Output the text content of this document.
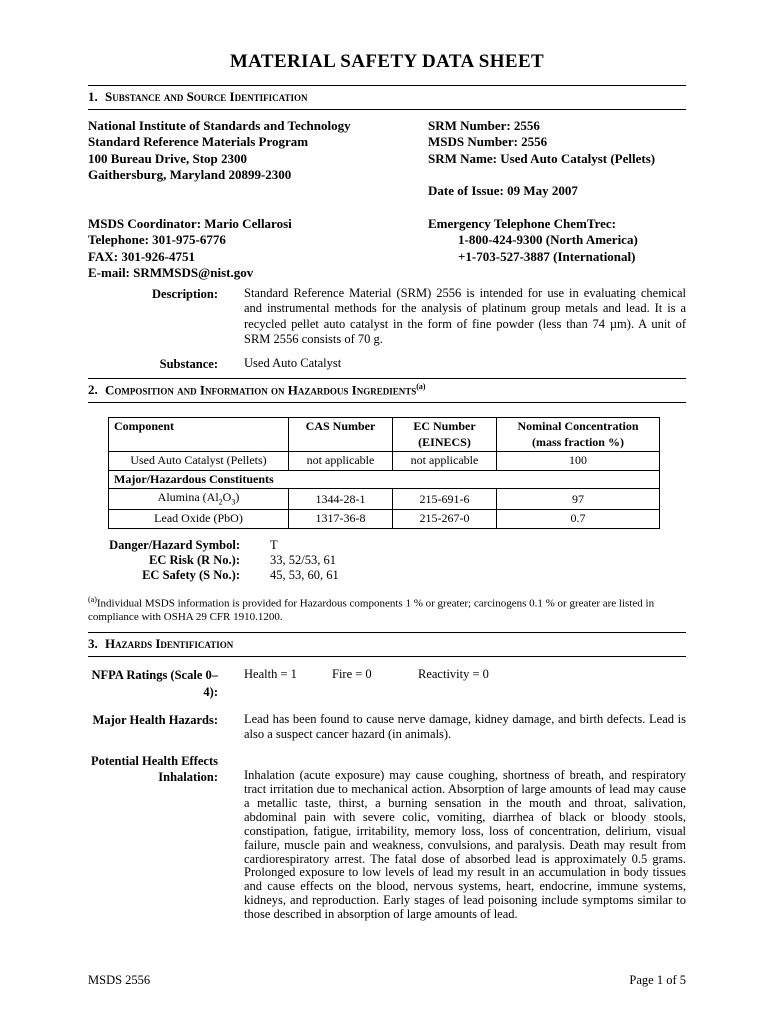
MATERIAL SAFETY DATA SHEET
1. Substance and Source Identification
National Institute of Standards and Technology
Standard Reference Materials Program
100 Bureau Drive, Stop 2300
Gaithersburg, Maryland 20899-2300
MSDS Coordinator: Mario Cellarosi
Telephone: 301-975-6776
FAX: 301-926-4751
E-mail: SRMMSDS@nist.gov
SRM Number: 2556
MSDS Number: 2556
SRM Name: Used Auto Catalyst (Pellets)
Date of Issue: 09 May 2007
Emergency Telephone ChemTrec:
1-800-424-9300 (North America)
+1-703-527-3887 (International)
Description:	Standard Reference Material (SRM) 2556 is intended for use in evaluating chemical and instrumental methods for the analysis of platinum group metals and lead. It is a recycled pellet auto catalyst in the form of fine powder (less than 74 µm). A unit of SRM 2556 consists of 70 g.
Substance:	Used Auto Catalyst
2. Composition and Information on Hazardous Ingredients$^{(a)}$
Component	CAS Number	EC Number (EINECS)	Nominal Concentration (mass fraction %)
Used Auto Catalyst (Pellets)	not applicable	not applicable	100
Major/Hazardous Constituents			
Alumina $(Al_2O_3)$	1344-28-1	215-691-6	97
Lead Oxide (PbO)	1317-36-8	215-267-0	0.7
Danger/Hazard Symbol:	T
EC Risk (R No.):	33, 52/53, 61
EC Safety (S No.):	45, 53, 60, 61
$^{(a)}$Individual MSDS information is provided for Hazardous components 1 % or greater; carcinogens 0.1 % or greater are listed in compliance with OSHA 29 CFR 1910.1200.
3. Hazards Identification
NFPA Ratings (Scale 0–4):
Health = 1	Fire = 0	Reactivity = 0
Major Health Hazards:	Lead has been found to cause nerve damage, kidney damage, and birth defects. Lead is also a suspect cancer hazard (in animals).
Potential Health Effects
Inhalation:	Inhalation (acute exposure) may cause coughing, shortness of breath, and respiratory tract irritation due to mechanical action. Absorption of large amounts of lead may cause a metallic taste, thirst, a burning sensation in the mouth and throat, salivation, abdominal pain with severe colic, vomiting, diarrhea of black or bloody stools, constipation, fatigue, irritability, memory loss, loss of concentration, delirium, visual failure, muscle pain and weakness, convulsions, and paralysis. Death may result from cardiorespiratory arrest. The fatal dose of absorbed lead is approximately 0.5 grams. Prolonged exposure to low levels of lead my result in an accumulation in body tissues and cause effects on the blood, nervous systems, heart, endocrine, immune systems, kidneys, and reproduction. Early stages of lead poisoning include symptoms similar to those described in absorption of large amounts of lead.
MSDS 2556	Page 1 of 5
